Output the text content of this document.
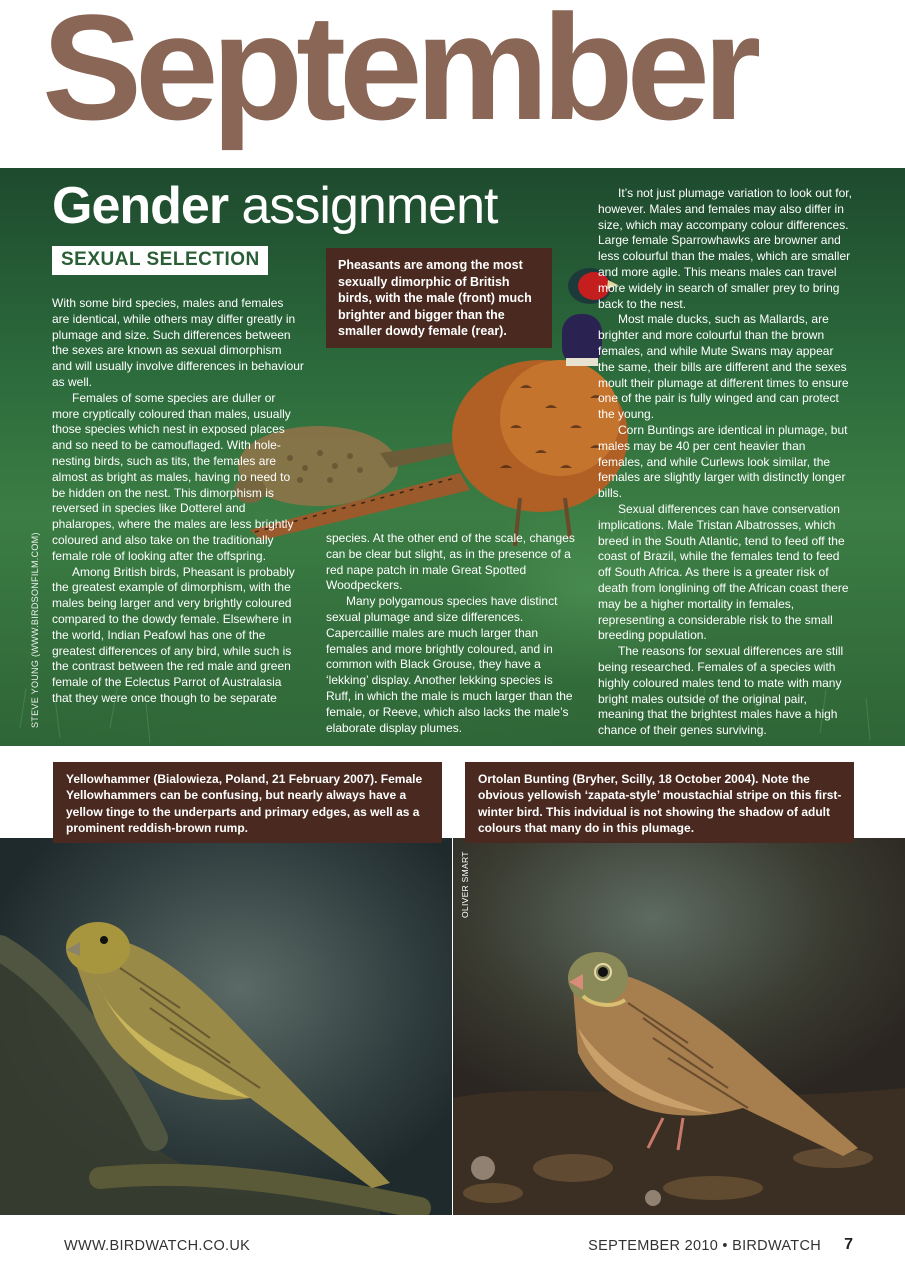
September
Gender assignment
SEXUAL SELECTION	Pheasants are among the most sexually dimorphic of British birds, with the male (front) much brighter and bigger than the smaller dowdy female (rear).

With some bird species, males and females are identical, while others may differ greatly in plumage and size. Such differences between the sexes are known as sexual dimorphism and will usually involve differences in behaviour as well.

Females of some species are duller or more cryptically coloured than males, usually those species which nest in exposed places and so need to be camouflaged. With hole-nesting birds, such as tits, the females are almost as bright as males, having no need to be hidden on the nest. This dimorphism is reversed in species like Dotterel and phalaropes, where the males are less brightly coloured and also take on the traditionally female role of looking after the offspring.

Among British birds, Pheasant is probably the greatest example of dimorphism, with the males being larger and very brightly coloured compared to the dowdy female. Elsewhere in the world, Indian Peafowl has one of the greatest differences of any bird, while such is the contrast between the red male and green female of the Eclectus Parrot of Australasia that they were once though to be separate

species. At the other end of the scale, changes can be clear but slight, as in the presence of a red nape patch in male Great Spotted Woodpeckers.

Many polygamous species have distinct sexual plumage and size differences. Capercaillie males are much larger than females and more brightly coloured, and in common with Black Grouse, they have a ‘lekking’ display. Another lekking species is Ruff, in which the male is much larger than the female, or Reeve, which also lacks the male’s elaborate display plumes.

It’s not just plumage variation to look out for, however. Males and females may also differ in size, which may accompany colour differences. Large female Sparrowhawks are browner and less colourful than the males, which are smaller and more agile. This means males can travel more widely in search of smaller prey to bring back to the nest.

Most male ducks, such as Mallards, are brighter and more colourful than the brown females, and while Mute Swans may appear the same, their bills are different and the sexes moult their plumage at different times to ensure one of the pair is fully winged and can protect the young.

Corn Buntings are identical in plumage, but males may be 40 per cent heavier than females, and while Curlews look similar, the females are slightly larger with distinctly longer bills.

Sexual differences can have conservation implications. Male Tristan Albatrosses, which breed in the South Atlantic, tend to feed off the coast of Brazil, while the females tend to feed off South Africa. As there is a greater risk of death from longlining off the African coast there may be a higher mortality in females, representing a considerable risk to the small breeding population.

The reasons for sexual differences are still being researched. Females of a species with highly coloured males tend to mate with many bright males outside of the original pair, meaning that the brightest males have a high chance of their genes surviving.

STEVE YOUNG (WWW.BIRDSONFILM.COM)
Yellowhammer (Bialowieza, Poland, 21 February 2007). Female Yellowhammers can be confusing, but nearly always have a yellow tinge to the underparts and primary edges, as well as a prominent reddish-brown rump.
Ortolan Bunting (Bryher, Scilly, 18 October 2004). Note the obvious yellowish ‘zapata-style’ moustachial stripe on this first-winter bird. This indvidual is not showing the shadow of adult colours that many do in this plumage.
OLIVER SMART
WWW.BIRDWATCH.CO.UK	SEPTEMBER 2010 • BIRDWATCH 7
